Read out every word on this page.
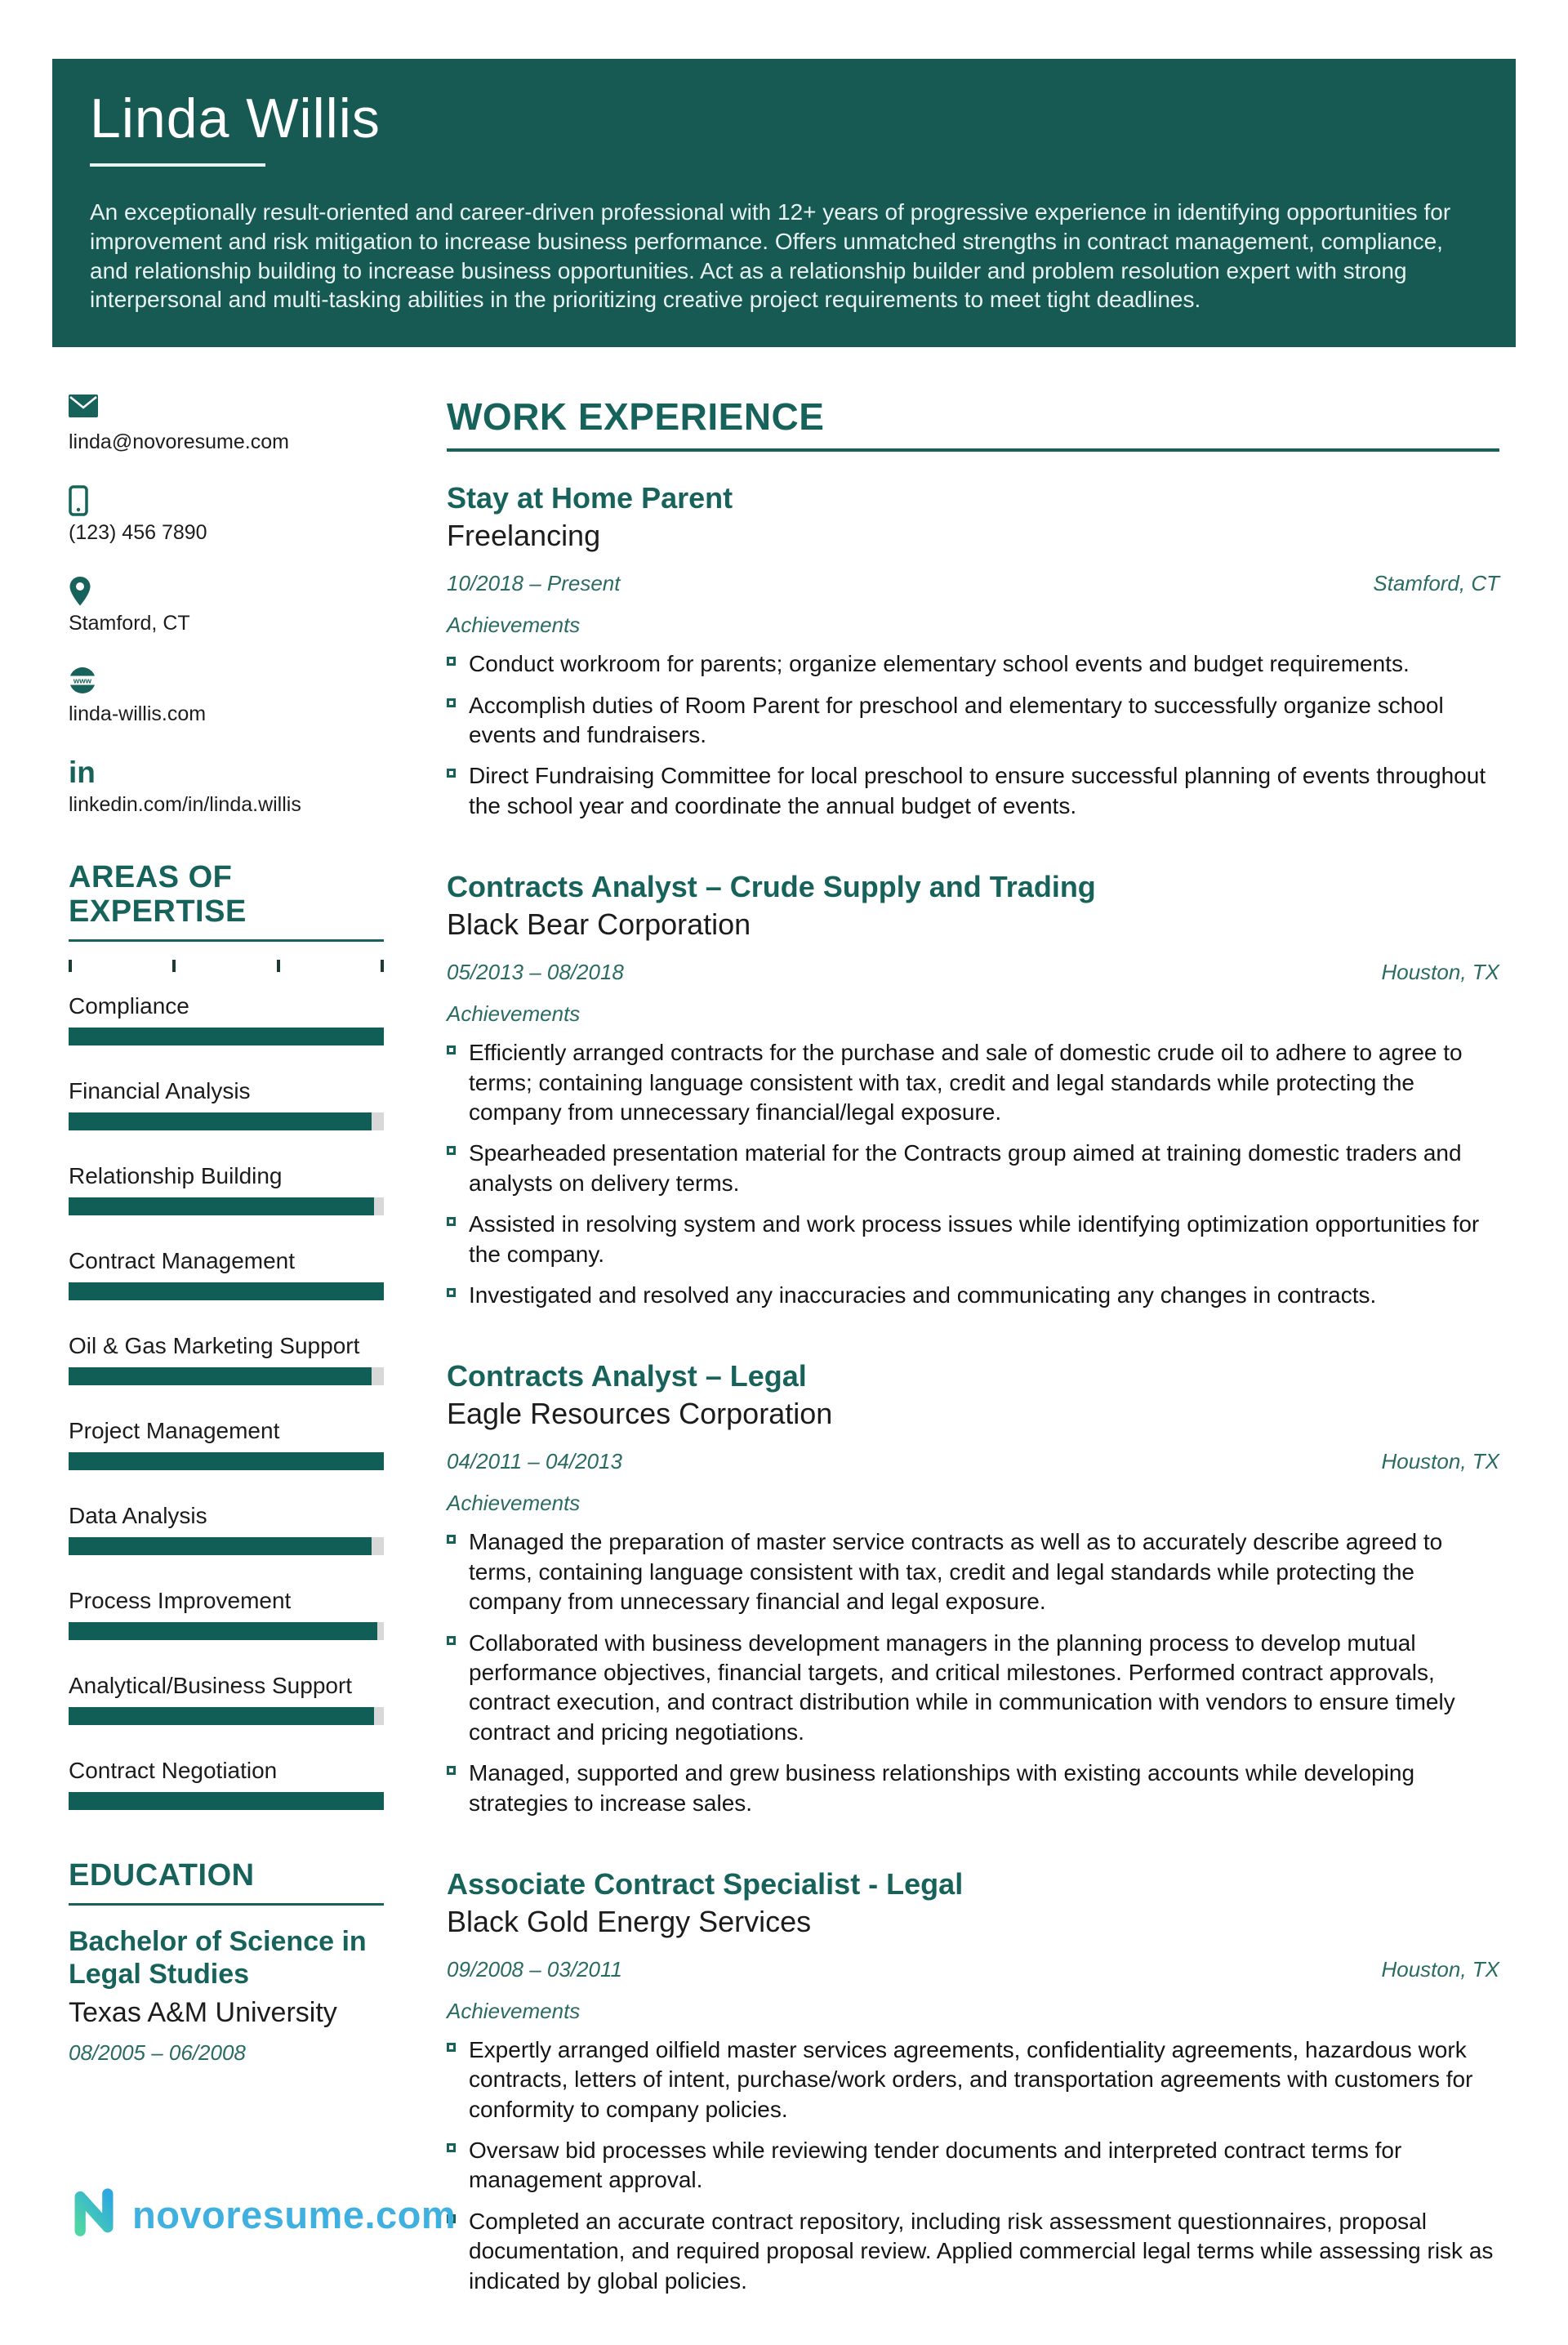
Linda Willis
An exceptionally result-oriented and career-driven professional with 12+ years of progressive experience in identifying opportunities for improvement and risk mitigation to increase business performance. Offers unmatched strengths in contract management, compliance, and relationship building to increase business opportunities. Act as a relationship builder and problem resolution expert with strong interpersonal and multi-tasking abilities in the prioritizing creative project requirements to meet tight deadlines.
linda@novoresume.com
(123) 456 7890
Stamford, CT
www
linda-willis.com
in
linkedin.com/in/linda.willis
AREAS OF EXPERTISE
Compliance
Financial Analysis
Relationship Building
Contract Management
Oil & Gas Marketing Support
Project Management
Data Analysis
Process Improvement
Analytical/Business Support
Contract Negotiation
EDUCATION
Bachelor of Science in Legal Studies
Texas A&M University
08/2005 – 06/2008
WORK EXPERIENCE
Stay at Home Parent
Freelancing
10/2018 – Present	Stamford, CT
Achievements
Conduct workroom for parents; organize elementary school events and budget requirements.
Accomplish duties of Room Parent for preschool and elementary to successfully organize school events and fundraisers.
Direct Fundraising Committee for local preschool to ensure successful planning of events throughout the school year and coordinate the annual budget of events.
Contracts Analyst – Crude Supply and Trading
Black Bear Corporation
05/2013 – 08/2018	Houston, TX
Achievements
Efficiently arranged contracts for the purchase and sale of domestic crude oil to adhere to agree to terms; containing language consistent with tax, credit and legal standards while protecting the company from unnecessary financial/legal exposure.
Spearheaded presentation material for the Contracts group aimed at training domestic traders and analysts on delivery terms.
Assisted in resolving system and work process issues while identifying optimization opportunities for the company.
Investigated and resolved any inaccuracies and communicating any changes in contracts.
Contracts Analyst – Legal
Eagle Resources Corporation
04/2011 – 04/2013	Houston, TX
Achievements
Managed the preparation of master service contracts as well as to accurately describe agreed to terms, containing language consistent with tax, credit and legal standards while protecting the company from unnecessary financial and legal exposure.
Collaborated with business development managers in the planning process to develop mutual performance objectives, financial targets, and critical milestones. Performed contract approvals, contract execution, and contract distribution while in communication with vendors to ensure timely contract and pricing negotiations.
Managed, supported and grew business relationships with existing accounts while developing strategies to increase sales.
Associate Contract Specialist - Legal
Black Gold Energy Services
09/2008 – 03/2011	Houston, TX
Achievements
Expertly arranged oilfield master services agreements, confidentiality agreements, hazardous work contracts, letters of intent, purchase/work orders, and transportation agreements with customers for conformity to company policies.
Oversaw bid processes while reviewing tender documents and interpreted contract terms for management approval.
Completed an accurate contract repository, including risk assessment questionnaires, proposal documentation, and required proposal review. Applied commercial legal terms while assessing risk as indicated by global policies.
novoresume.com
